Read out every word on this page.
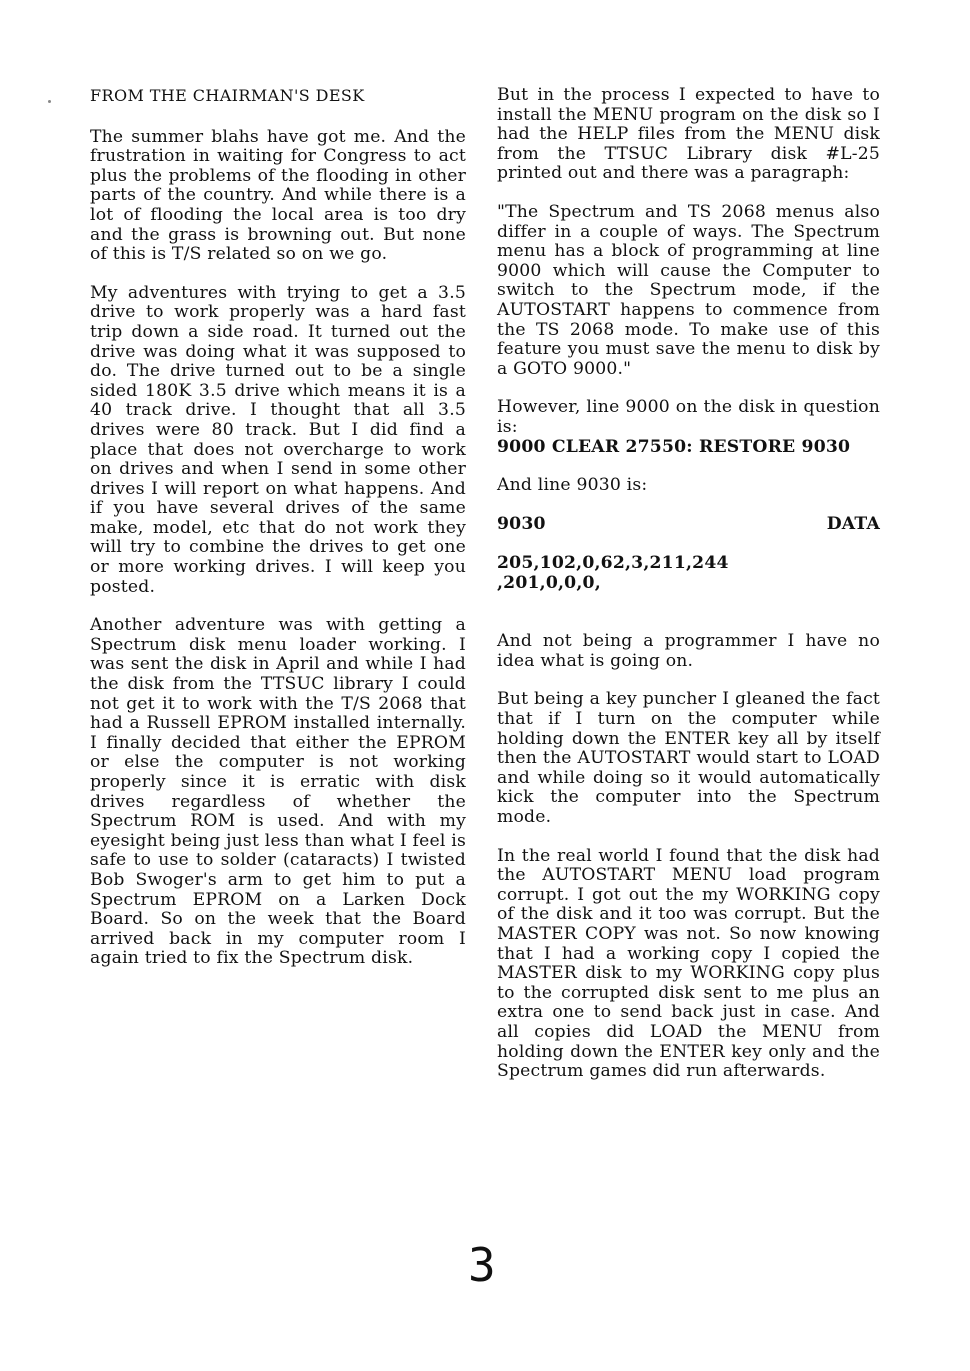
FROM THE CHAIRMAN'S DESK

The summer blahs have got me. And the frustration in waiting for Congress to act plus the problems of the flooding in other parts of the country. And while there is a lot of flooding the local area is too dry and the grass is browning out. But none of this is T/S related so on we go.

My adventures with trying to get a 3.5 drive to work properly was a hard fast trip down a side road. It turned out the drive was doing what it was supposed to do. The drive turned out to be a single sided 180K 3.5 drive which means it is a 40 track drive. I thought that all 3.5 drives were 80 track. But I did find a place that does not overcharge to work on drives and when I send in some other drives I will report on what happens. And if you have several drives of the same make, model, etc that do not work they will try to combine the drives to get one or more working drives. I will keep you posted.

Another adventure was with getting a Spectrum disk menu loader working. I was sent the disk in April and while I had the disk from the TTSUC library I could not get it to work with the T/S 2068 that had a Russell EPROM installed internally. I finally decided that either the EPROM or else the computer is not working properly since it is erratic with disk drives regardless of whether the Spectrum ROM is used. And with my eyesight being just less than what I feel is safe to use to solder (cataracts) I twisted Bob Swoger's arm to get him to put a Spectrum EPROM on a Larken Dock Board. So on the week that the Board arrived back in my computer room I again tried to fix the Spectrum disk.

But in the process I expected to have to install the MENU program on the disk so I had the HELP files from the MENU disk from the TTSUC Library disk #L-25 printed out and there was a paragraph:

"The Spectrum and TS 2068 menus also differ in a couple of ways. The Spectrum menu has a block of programming at line 9000 which will cause the Computer to switch to the Spectrum mode, if the AUTOSTART happens to commence from the TS 2068 mode. To make use of this feature you must save the menu to disk by a GOTO 9000."

However, line 9000 on the disk in question is:

9000 CLEAR 27550: RESTORE 9030

And line 9030 is:

9030	DATA

205,102,0,62,3,211,244
,201,0,0,0,

And not being a programmer I have no idea what is going on.

But being a key puncher I gleaned the fact that if I turn on the computer while holding down the ENTER key all by itself then the AUTOSTART would start to LOAD and while doing so it would automatically kick the computer into the Spectrum mode.

In the real world I found that the disk had the AUTOSTART MENU load program corrupt. I got out the my WORKING copy of the disk and it too was corrupt. But the MASTER COPY was not. So now knowing that I had a working copy I copied the MASTER disk to my WORKING copy plus to the corrupted disk sent to me plus an extra one to send back just in case. And all copies did LOAD the MENU from holding down the ENTER key only and the Spectrum games did run afterwards.

3
